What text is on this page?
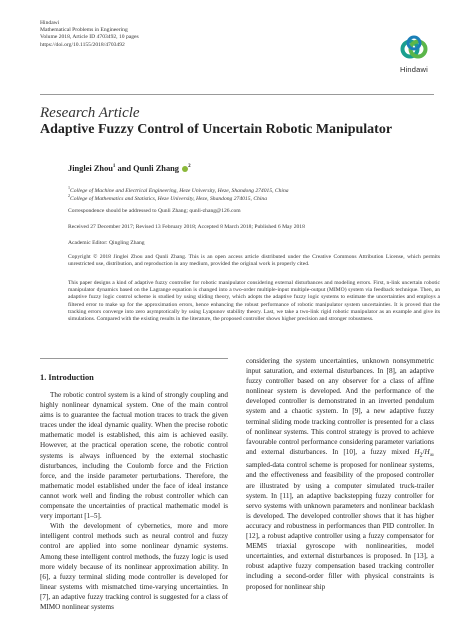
Hindawi
Mathematical Problems in Engineering
Volume 2018, Article ID 4703492, 10 pages
https://doi.org/10.1155/2018/4703492
Hindawi
Research Article
Adaptive Fuzzy Control of Uncertain Robotic Manipulator
Jinglei Zhou$^1$ and Qunli Zhang $^2$
$^1$College of Machine and Electrical Engineering, Heze University, Heze, Shandong 274015, China
$^2$College of Mathematics and Statistics, Heze University, Heze, Shandong 274015, China
Correspondence should be addressed to Qunli Zhang; qunli-zhang@126.com
Received 27 December 2017; Revised 13 February 2018; Accepted 8 March 2018; Published 6 May 2018
Academic Editor: Qingling Zhang
Copyright © 2018 Jinglei Zhou and Qunli Zhang. This is an open access article distributed under the Creative Commons Attribution License, which permits unrestricted use, distribution, and reproduction in any medium, provided the original work is properly cited.
This paper designs a kind of adaptive fuzzy controller for robotic manipulator considering external disturbances and modeling errors. First, n-link uncertain robotic manipulator dynamics based on the Lagrange equation is changed into a two-order multiple-input multiple-output (MIMO) system via feedback technique. Then, an adaptive fuzzy logic control scheme is studied by using sliding theory, which adopts the adaptive fuzzy logic systems to estimate the uncertainties and employs a filtered error to make up for the approximation errors, hence enhancing the robust performance of robotic manipulator system uncertainties. It is proved that the tracking errors converge into zero asymptotically by using Lyapunov stability theory. Last, we take a two-link rigid robotic manipulator as an example and give its simulations. Compared with the existing results in the literature, the proposed controller shows higher precision and stronger robustness.
1. Introduction

The robotic control system is a kind of strongly coupling and highly nonlinear dynamical system. One of the main control aims is to guarantee the factual motion traces to track the given traces under the ideal dynamic quality. When the precise robotic mathematic model is established, this aim is achieved easily. However, at the practical operation scene, the robotic control systems is always influenced by the external stochastic disturbances, including the Coulomb force and the Friction force, and the inside parameter perturbations. Therefore, the mathematic model established under the face of ideal instance cannot work well and finding the robust controller which can compensate the uncertainties of practical mathematic model is very important [1–5].

With the development of cybernetics, more and more intelligent control methods such as neural control and fuzzy control are applied into some nonlinear dynamic systems. Among these intelligent control methods, the fuzzy logic is used more widely because of its nonlinear approximation ability. In [6], a fuzzy terminal sliding mode controller is developed for linear systems with mismatched time-varying uncertainties. In [7], an adaptive fuzzy tracking control is suggested for a class of MIMO nonlinear systems

considering the system uncertainties, unknown nonsymmetric input saturation, and external disturbances. In [8], an adaptive fuzzy controller based on any observer for a class of affine nonlinear system is developed. And the performance of the developed controller is demonstrated in an inverted pendulum system and a chaotic system. In [9], a new adaptive fuzzy terminal sliding mode tracking controller is presented for a class of nonlinear systems. This control strategy is proved to achieve favourable control performance considering parameter variations and external disturbances. In [10], a fuzzy mixed $H_2/H_\infty$ sampled-data control scheme is proposed for nonlinear systems, and the effectiveness and feasibility of the proposed controller are illustrated by using a computer simulated truck-trailer system. In [11], an adaptive backstepping fuzzy controller for servo systems with unknown parameters and nonlinear backlash is developed. The developed controller shows that it has higher accuracy and robustness in performances than PID controller. In [12], a robust adaptive controller using a fuzzy compensator for MEMS triaxial gyroscope with nonlinearities, model uncertainties, and external disturbances is proposed. In [13], a robust adaptive fuzzy compensation based tracking controller including a second-order filler with physical constraints is proposed for nonlinear ship
